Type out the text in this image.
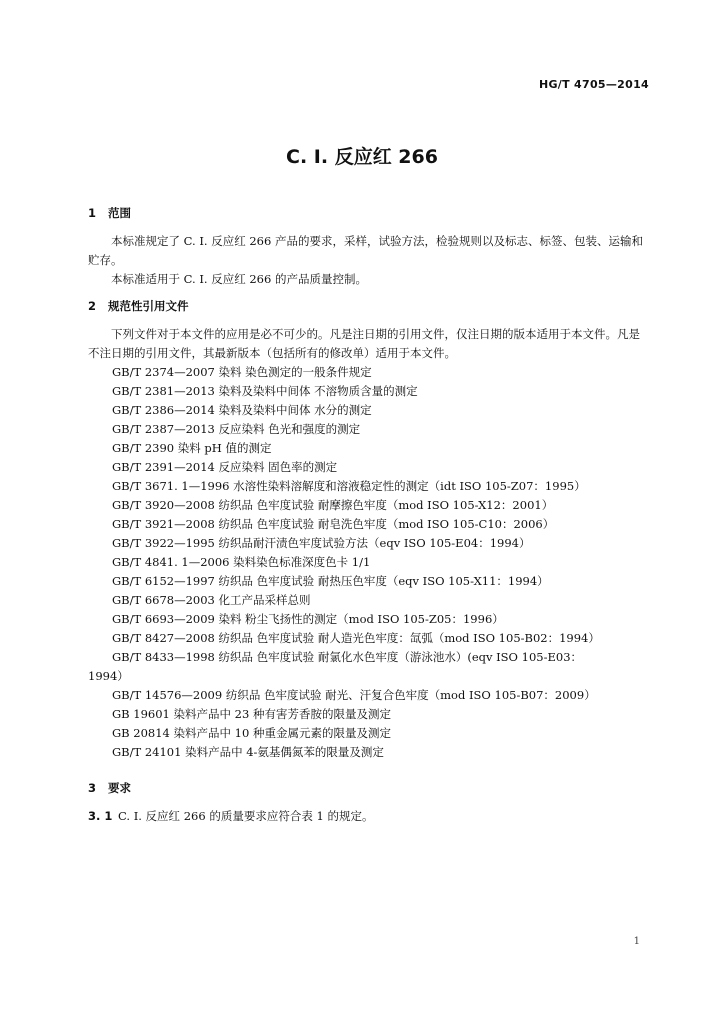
HG/T 4705—2014
C. I. 反应红 266
1 范围

本标准规定了 C. I. 反应红 266 产品的要求，采样，试验方法，检验规则以及标志、标签、包装、运输和贮存。

本标准适用于 C. I. 反应红 266 的产品质量控制。

2 规范性引用文件

下列文件对于本文件的应用是必不可少的。凡是注日期的引用文件，仅注日期的版本适用于本文件。凡是不注日期的引用文件，其最新版本（包括所有的修改单）适用于本文件。

GB/T 2374—2007 染料 染色测定的一般条件规定
GB/T 2381—2013 染料及染料中间体 不溶物质含量的测定
GB/T 2386—2014 染料及染料中间体 水分的测定
GB/T 2387—2013 反应染料 色光和强度的测定
GB/T 2390 染料 pH 值的测定
GB/T 2391—2014 反应染料 固色率的测定
GB/T 3671. 1—1996 水溶性染料溶解度和溶液稳定性的测定（idt ISO 105-Z07：1995）
GB/T 3920—2008 纺织品 色牢度试验 耐摩擦色牢度（mod ISO 105-X12：2001）
GB/T 3921—2008 纺织品 色牢度试验 耐皂洗色牢度（mod ISO 105-C10：2006）
GB/T 3922—1995 纺织品耐汗渍色牢度试验方法（eqv ISO 105-E04：1994）
GB/T 4841. 1—2006 染料染色标准深度色卡 1/1
GB/T 6152—1997 纺织品 色牢度试验 耐热压色牢度（eqv ISO 105-X11：1994）
GB/T 6678—2003 化工产品采样总则
GB/T 6693—2009 染料 粉尘飞扬性的测定（mod ISO 105-Z05：1996）
GB/T 8427—2008 纺织品 色牢度试验 耐人造光色牢度：氙弧（mod ISO 105-B02：1994）
GB/T 8433—1998 纺织品 色牢度试验 耐氯化水色牢度（游泳池水）(eqv ISO 105-E03：
1994）
GB/T 14576—2009 纺织品 色牢度试验 耐光、汗复合色牢度（mod ISO 105-B07：2009）
GB 19601 染料产品中 23 种有害芳香胺的限量及测定
GB 20814 染料产品中 10 种重金属元素的限量及测定
GB/T 24101 染料产品中 4-氨基偶氮苯的限量及测定
3 要求
3. 1 C. I. 反应红 266 的质量要求应符合表 1 的规定。
1
